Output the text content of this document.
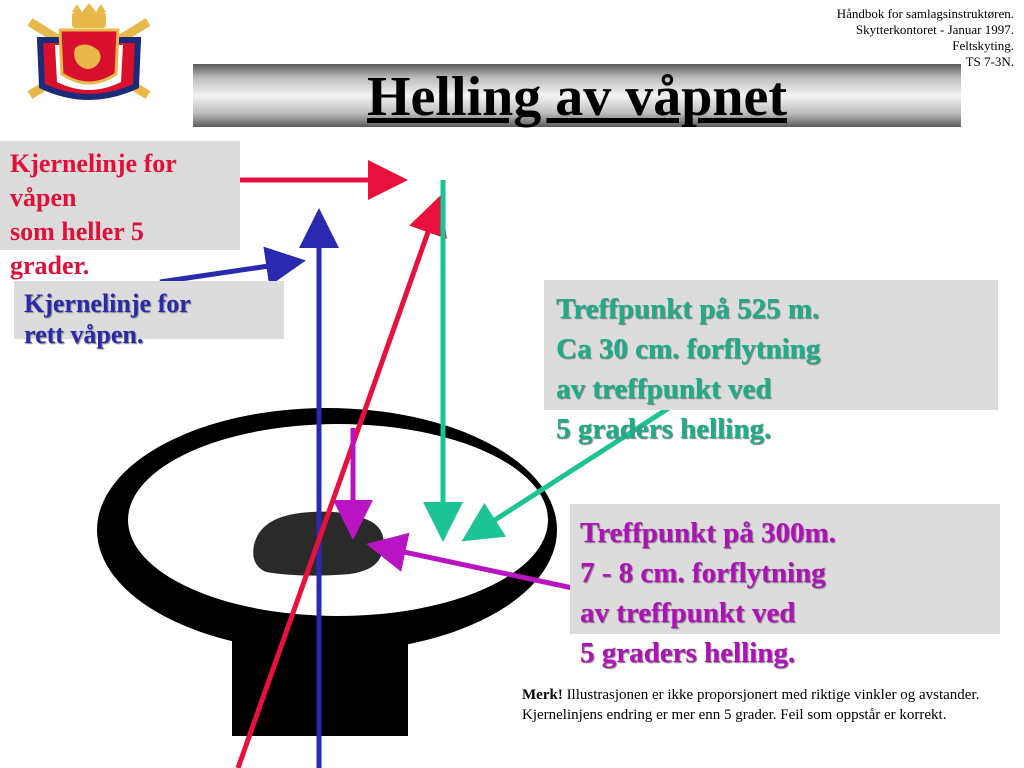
Håndbok for samlagsinstruktøren.
Skytterkontoret - Januar 1997.
Feltskyting.
TS 7-3N.
Helling av våpnet
Kjernelinje for
våpen
som heller 5
grader.
Kjernelinje for
rett våpen.
Treffpunkt på 525 m.
Ca 30 cm. forflytning
av treffpunkt ved
5 graders helling.
Treffpunkt på 300m.
7 - 8 cm. forflytning
av treffpunkt ved
5 graders helling.
Merk! Illustrasjonen er ikke proporsjonert med riktige vinkler og avstander. Kjernelinjens endring er mer enn 5 grader. Feil som oppstår er korrekt.
